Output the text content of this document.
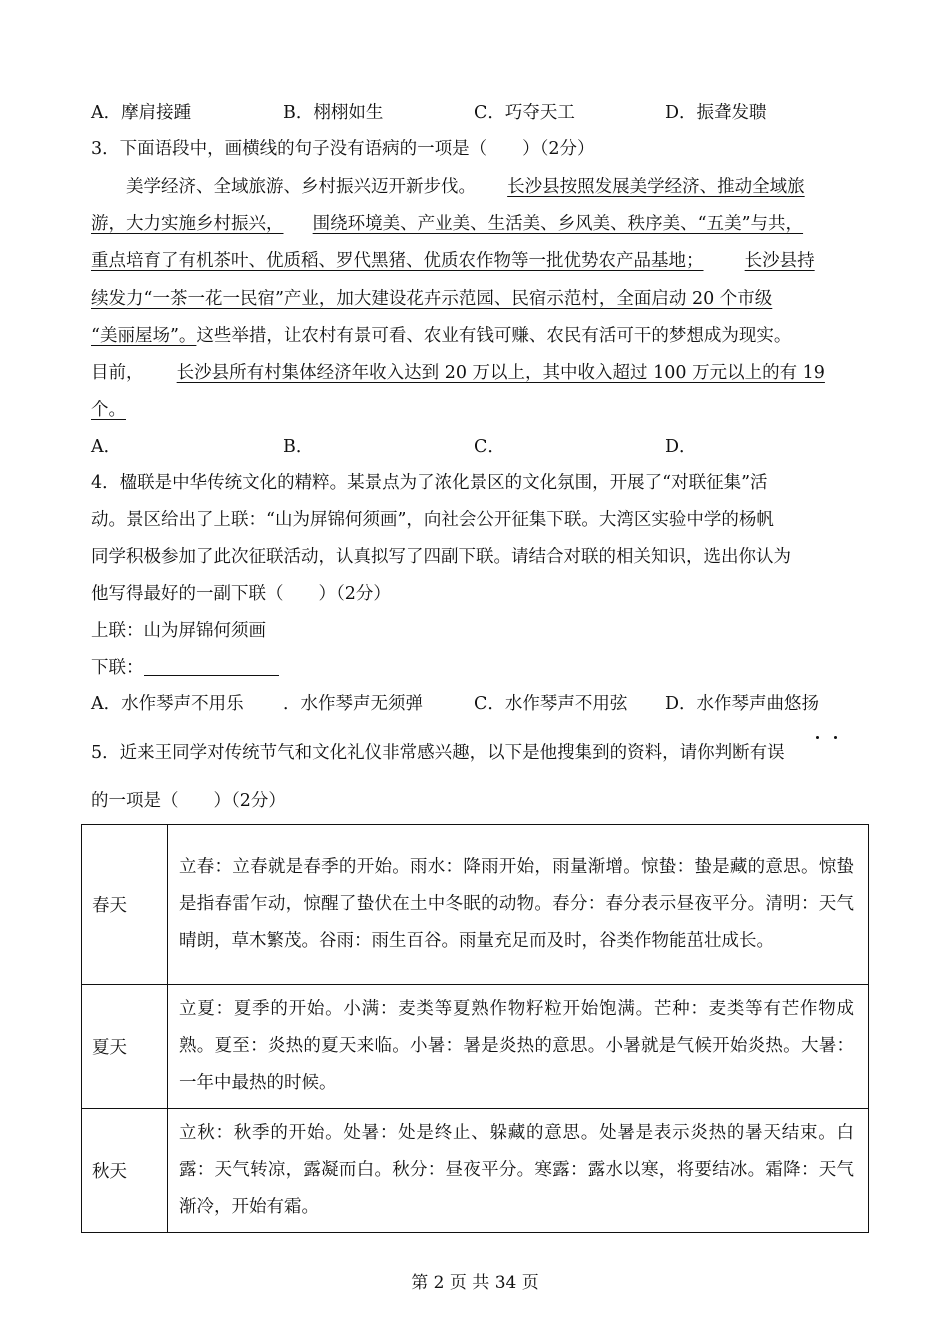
A．摩肩接踵	B．栩栩如生	C．巧夺天工	D．振聋发聩
3．下面语段中，画横线的句子没有语病的一项是（　　）（2分）
美学经济、全域旅游、乡村振兴迈开新步伐。 长沙县按照发展美学经济、推动全域旅
游，大力实施乡村振兴， 围绕环境美、产业美、生活美、乡风美、秩序美、“五美”与共，
重点培育了有机茶叶、优质稻、罗代黑猪、优质农作物等一批优势农产品基地； 长沙县持
续发力“一茶一花一民宿”产业，加大建设花卉示范园、民宿示范村，全面启动 20 个市级
“美丽屋场”。这些举措，让农村有景可看、农业有钱可赚、农民有活可干的梦想成为现实。
目前， 长沙县所有村集体经济年收入达到 20 万以上，其中收入超过 100 万元以上的有 19
个。
A．	B．	C．	D．
4．楹联是中华传统文化的精粹。某景点为了浓化景区的文化氛围，开展了“对联征集”活
动。景区给出了上联：“山为屏锦何须画”，向社会公开征集下联。大湾区实验中学的杨帆
同学积极参加了此次征联活动，认真拟写了四副下联。请结合对联的相关知识，选出你认为
他写得最好的一副下联（　　）（2分）
上联：山为屏锦何须画
下联：
A．水作琴声不用乐 ．水作琴声无须弹	C．水作琴声不用弦 D．水作琴声曲悠扬
5．近来王同学对传统节气和文化礼仪非常感兴趣，以下是他搜集到的资料，请你判断有误
的一项是（　　）（2分）
春天	立春：立春就是春季的开始。雨水：降雨开始，雨量渐增。惊蛰：蛰是藏的意思。惊蛰是指春雷乍动，惊醒了蛰伏在土中冬眠的动物。春分：春分表示昼夜平分。清明：天气晴朗，草木繁茂。谷雨：雨生百谷。雨量充足而及时，谷类作物能茁壮成长。
夏天	立夏：夏季的开始。小满：麦类等夏熟作物籽粒开始饱满。芒种：麦类等有芒作物成熟。夏至：炎热的夏天来临。小暑：暑是炎热的意思。小暑就是气候开始炎热。大暑：一年中最热的时候。
秋天	立秋：秋季的开始。处暑：处是终止、躲藏的意思。处暑是表示炎热的暑天结束。白露：天气转凉，露凝而白。秋分：昼夜平分。寒露：露水以寒，将要结冰。霜降：天气渐冷，开始有霜。
第 2 页 共 34 页
